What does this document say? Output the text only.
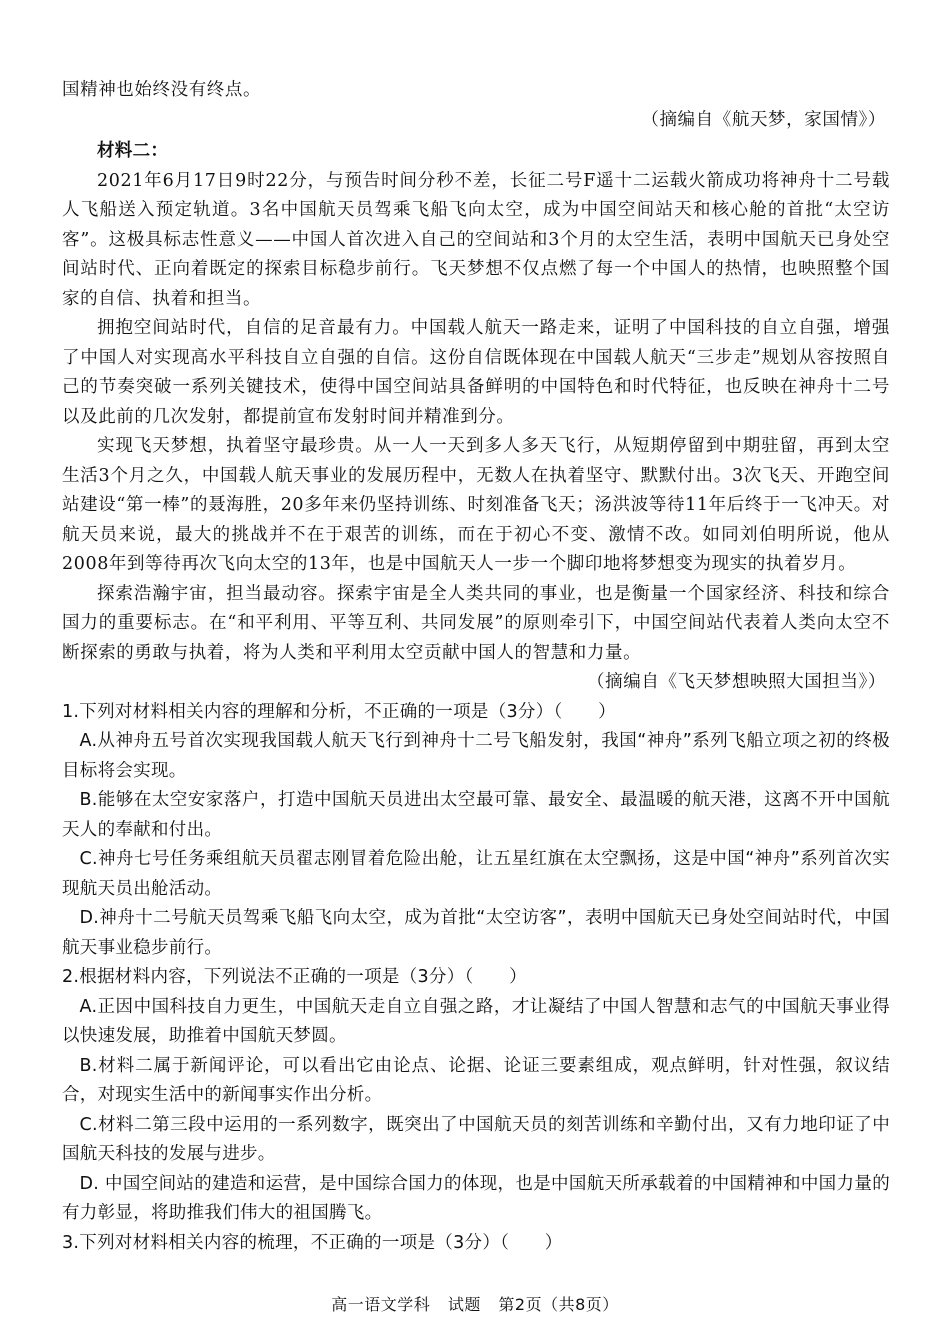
国精神也始终没有终点。

（摘编自《航天梦，家国情》）

材料二：

2021年6月17日9时22分，与预告时间分秒不差，长征二号F遥十二运载火箭成功将神舟十二号载人飞船送入预定轨道。3名中国航天员驾乘飞船飞向太空，成为中国空间站天和核心舱的首批“太空访客”。这极具标志性意义——中国人首次进入自己的空间站和3个月的太空生活，表明中国航天已身处空间站时代、正向着既定的探索目标稳步前行。飞天梦想不仅点燃了每一个中国人的热情，也映照整个国家的自信、执着和担当。

拥抱空间站时代，自信的足音最有力。中国载人航天一路走来，证明了中国科技的自立自强，增强了中国人对实现高水平科技自立自强的自信。这份自信既体现在中国载人航天“三步走”规划从容按照自己的节奏突破一系列关键技术，使得中国空间站具备鲜明的中国特色和时代特征，也反映在神舟十二号以及此前的几次发射，都提前宣布发射时间并精准到分。

实现飞天梦想，执着坚守最珍贵。从一人一天到多人多天飞行，从短期停留到中期驻留，再到太空生活3个月之久，中国载人航天事业的发展历程中，无数人在执着坚守、默默付出。3次飞天、开跑空间站建设“第一棒”的聂海胜，20多年来仍坚持训练、时刻准备飞天；汤洪波等待11年后终于一飞冲天。对航天员来说，最大的挑战并不在于艰苦的训练，而在于初心不变、激情不改。如同刘伯明所说，他从2008年到等待再次飞向太空的13年，也是中国航天人一步一个脚印地将梦想变为现实的执着岁月。

探索浩瀚宇宙，担当最动容。探索宇宙是全人类共同的事业，也是衡量一个国家经济、科技和综合国力的重要标志。在“和平利用、平等互利、共同发展”的原则牵引下，中国空间站代表着人类向太空不断探索的勇敢与执着，将为人类和平利用太空贡献中国人的智慧和力量。

（摘编自《飞天梦想映照大国担当》）

1.下列对材料相关内容的理解和分析，不正确的一项是（3分）（　　）

A.从神舟五号首次实现我国载人航天飞行到神舟十二号飞船发射，我国“神舟”系列飞船立项之初的终极目标将会实现。

B.能够在太空安家落户，打造中国航天员进出太空最可靠、最安全、最温暖的航天港，这离不开中国航天人的奉献和付出。

C.神舟七号任务乘组航天员翟志刚冒着危险出舱，让五星红旗在太空飘扬，这是中国“神舟”系列首次实现航天员出舱活动。

D.神舟十二号航天员驾乘飞船飞向太空，成为首批“太空访客”，表明中国航天已身处空间站时代，中国航天事业稳步前行。

2.根据材料内容，下列说法不正确的一项是（3分）（　　）

A.正因中国科技自力更生，中国航天走自立自强之路，才让凝结了中国人智慧和志气的中国航天事业得以快速发展，助推着中国航天梦圆。

B.材料二属于新闻评论，可以看出它由论点、论据、论证三要素组成，观点鲜明，针对性强，叙议结合，对现实生活中的新闻事实作出分析。

C.材料二第三段中运用的一系列数字，既突出了中国航天员的刻苦训练和辛勤付出，又有力地印证了中国航天科技的发展与进步。

D. 中国空间站的建造和运营，是中国综合国力的体现，也是中国航天所承载着的中国精神和中国力量的有力彰显，将助推我们伟大的祖国腾飞。

3.下列对材料相关内容的梳理，不正确的一项是（3分）（　　）

高一语文学科 试题 第2页（共8页）
